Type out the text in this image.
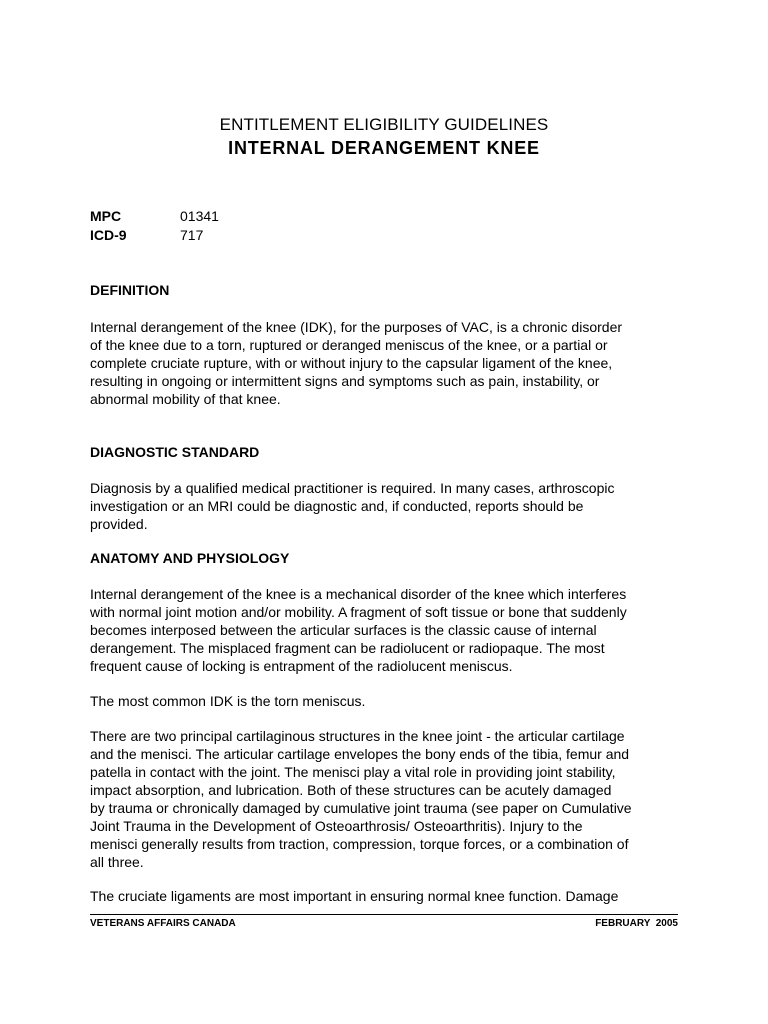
ENTITLEMENT ELIGIBILITY GUIDELINES
INTERNAL DERANGEMENT KNEE
MPC	01341
ICD-9	717
DEFINITION
Internal derangement of the knee (IDK), for the purposes of VAC, is a chronic disorder
of the knee due to a torn, ruptured or deranged meniscus of the knee, or a partial or
complete cruciate rupture, with or without injury to the capsular ligament of the knee,
resulting in ongoing or intermittent signs and symptoms such as pain, instability, or
abnormal mobility of that knee.
DIAGNOSTIC STANDARD
Diagnosis by a qualified medical practitioner is required. In many cases, arthroscopic
investigation or an MRI could be diagnostic and, if conducted, reports should be
provided.
ANATOMY AND PHYSIOLOGY
Internal derangement of the knee is a mechanical disorder of the knee which interferes
with normal joint motion and/or mobility. A fragment of soft tissue or bone that suddenly
becomes interposed between the articular surfaces is the classic cause of internal
derangement. The misplaced fragment can be radiolucent or radiopaque. The most
frequent cause of locking is entrapment of the radiolucent meniscus.
The most common IDK is the torn meniscus.
There are two principal cartilaginous structures in the knee joint - the articular cartilage
and the menisci. The articular cartilage envelopes the bony ends of the tibia, femur and
patella in contact with the joint. The menisci play a vital role in providing joint stability,
impact absorption, and lubrication. Both of these structures can be acutely damaged
by trauma or chronically damaged by cumulative joint trauma (see paper on Cumulative
Joint Trauma in the Development of Osteoarthrosis/ Osteoarthritis). Injury to the
menisci generally results from traction, compression, torque forces, or a combination of
all three.
The cruciate ligaments are most important in ensuring normal knee function. Damage
VETERANS AFFAIRS CANADA	FEBRUARY  2005
